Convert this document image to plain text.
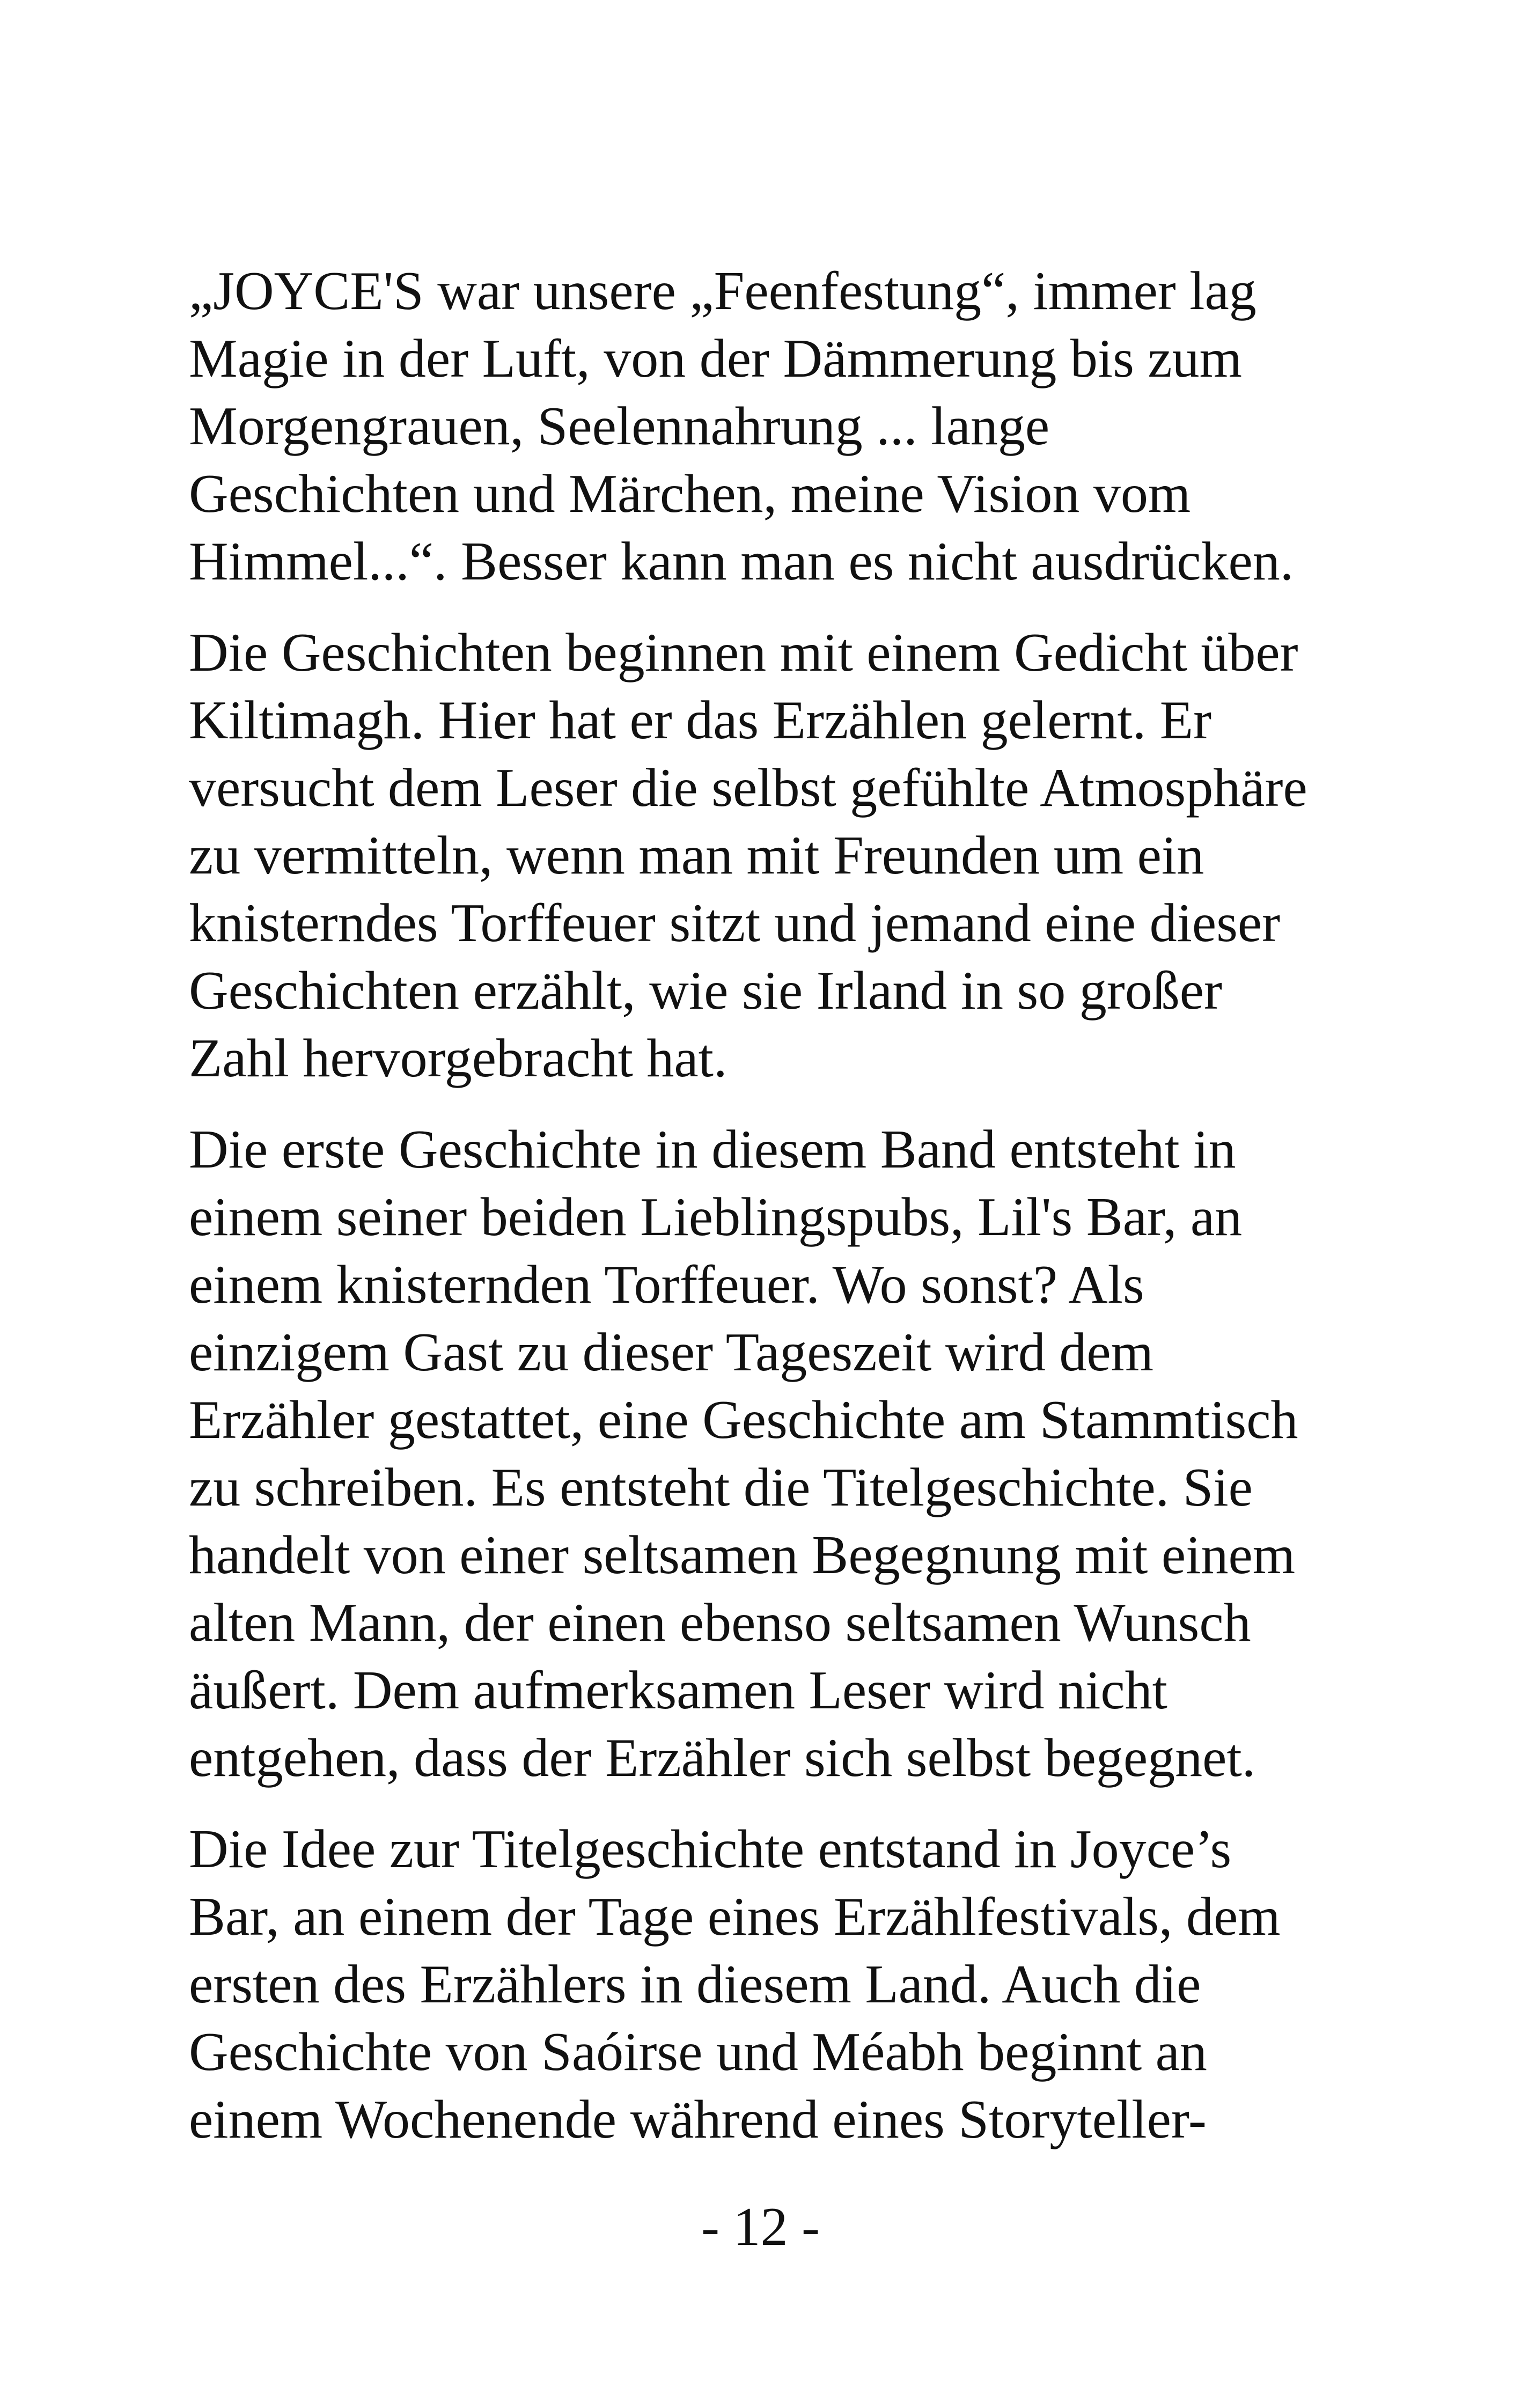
„JOYCE'S war unsere „Feenfestung“, immer lag
Magie in der Luft, von der Dämmerung bis zum
Morgengrauen, Seelennahrung ... lange
Geschichten und Märchen, meine Vision vom
Himmel...“. Besser kann man es nicht ausdrücken.

Die Geschichten beginnen mit einem Gedicht über
Kiltimagh. Hier hat er das Erzählen gelernt. Er
versucht dem Leser die selbst gefühlte Atmosphäre
zu vermitteln, wenn man mit Freunden um ein
knisterndes Torffeuer sitzt und jemand eine dieser
Geschichten erzählt, wie sie Irland in so großer
Zahl hervorgebracht hat.

Die erste Geschichte in diesem Band entsteht in
einem seiner beiden Lieblingspubs, Lil's Bar, an
einem knisternden Torffeuer. Wo sonst? Als
einzigem Gast zu dieser Tageszeit wird dem
Erzähler gestattet, eine Geschichte am Stammtisch
zu schreiben. Es entsteht die Titelgeschichte. Sie
handelt von einer seltsamen Begegnung mit einem
alten Mann, der einen ebenso seltsamen Wunsch
äußert. Dem aufmerksamen Leser wird nicht
entgehen, dass der Erzähler sich selbst begegnet.

Die Idee zur Titelgeschichte entstand in Joyce’s
Bar, an einem der Tage eines Erzählfestivals, dem
ersten des Erzählers in diesem Land. Auch die
Geschichte von Saóirse und Méabh beginnt an
einem Wochenende während eines Storyteller-

- 12 -
